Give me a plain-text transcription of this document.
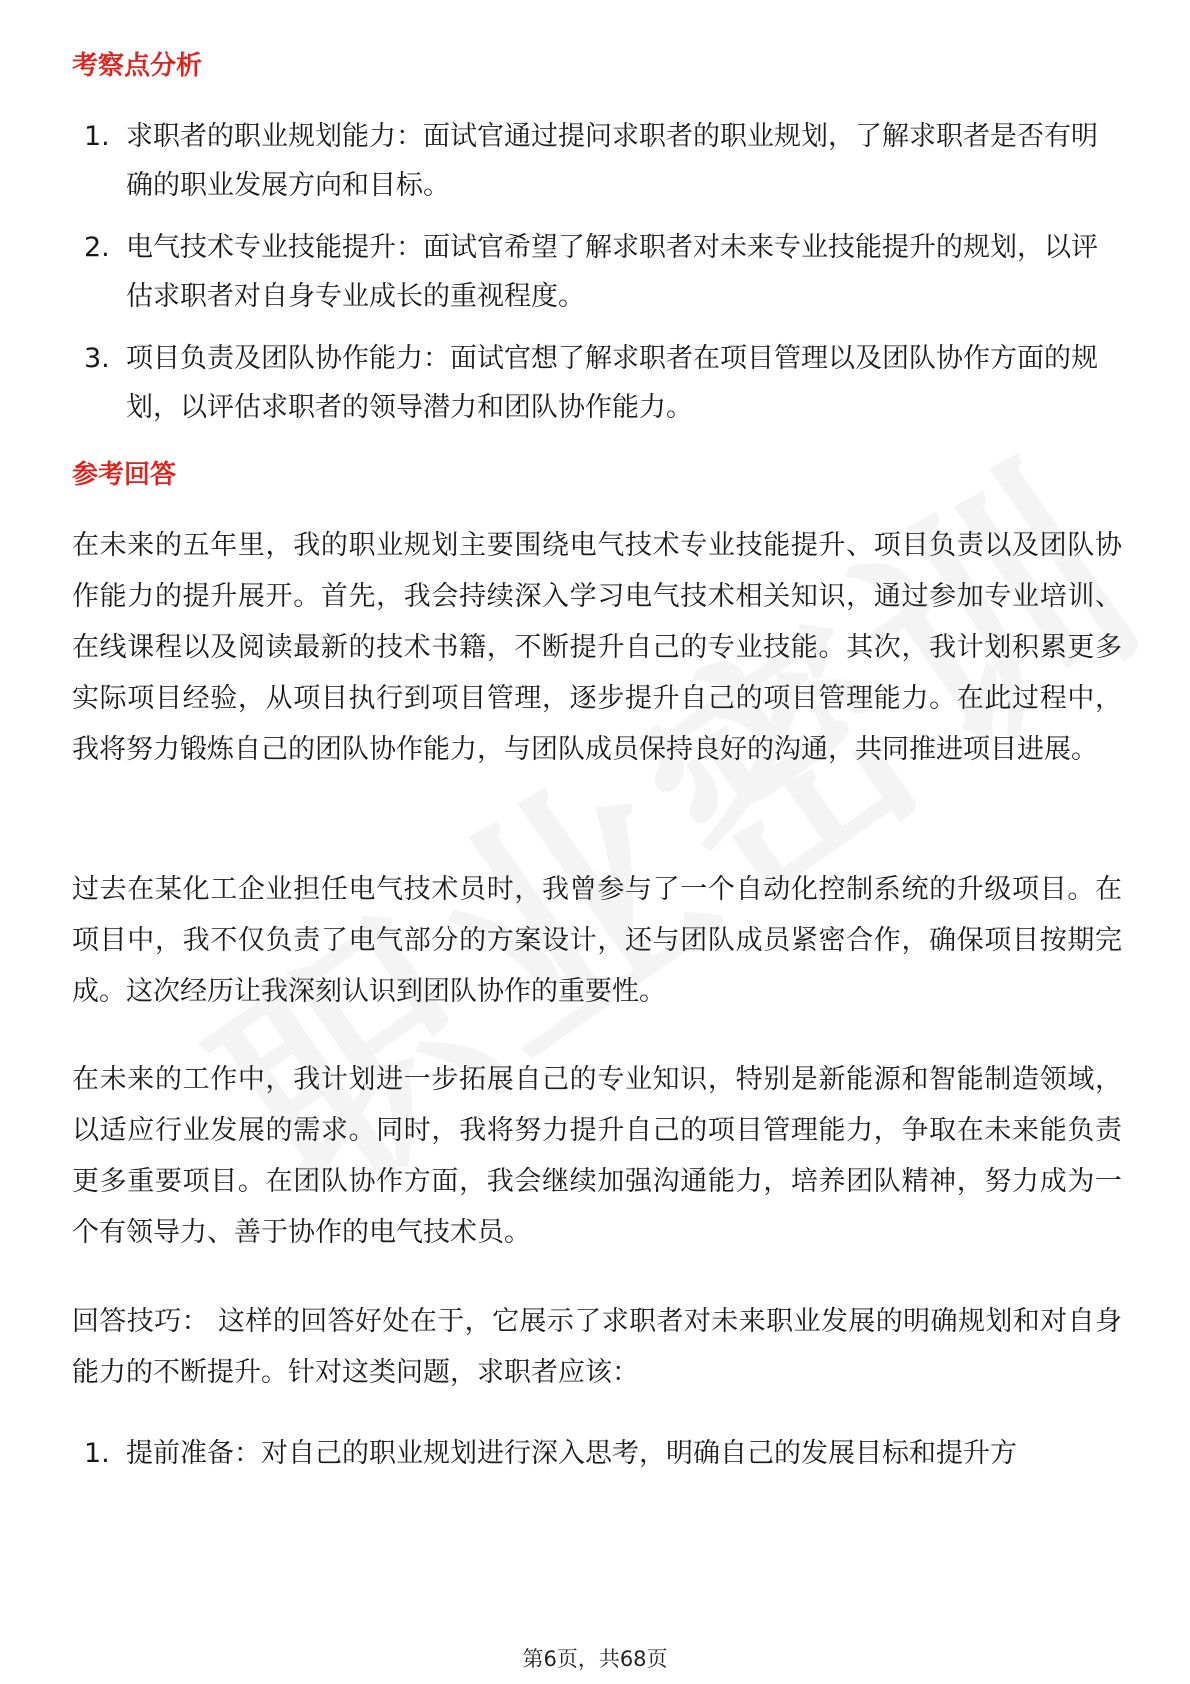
考察点分析
1. 求职者的职业规划能力：面试官通过提问求职者的职业规划，了解求职者是否有明确的职业发展方向和目标。
2. 电气技术专业技能提升：面试官希望了解求职者对未来专业技能提升的规划，以评估求职者对自身专业成长的重视程度。
3. 项目负责及团队协作能力：面试官想了解求职者在项目管理以及团队协作方面的规划，以评估求职者的领导潜力和团队协作能力。
参考回答

在未来的五年里，我的职业规划主要围绕电气技术专业技能提升、项目负责以及团队协作能力的提升展开。首先，我会持续深入学习电气技术相关知识，通过参加专业培训、在线课程以及阅读最新的技术书籍，不断提升自己的专业技能。其次，我计划积累更多实际项目经验，从项目执行到项目管理，逐步提升自己的项目管理能力。在此过程中，我将努力锻炼自己的团队协作能力，与团队成员保持良好的沟通，共同推进项目进展。

过去在某化工企业担任电气技术员时，我曾参与了一个自动化控制系统的升级项目。在项目中，我不仅负责了电气部分的方案设计，还与团队成员紧密合作，确保项目按期完成。这次经历让我深刻认识到团队协作的重要性。

在未来的工作中，我计划进一步拓展自己的专业知识，特别是新能源和智能制造领域，以适应行业发展的需求。同时，我将努力提升自己的项目管理能力，争取在未来能负责更多重要项目。在团队协作方面，我会继续加强沟通能力，培养团队精神，努力成为一个有领导力、善于协作的电气技术员。

回答技巧： 这样的回答好处在于，它展示了求职者对未来职业发展的明确规划和对自身能力的不断提升。针对这类问题，求职者应该：

1. 提前准备：对自己的职业规划进行深入思考，明确自己的发展目标和提升方
第6页，共68页
